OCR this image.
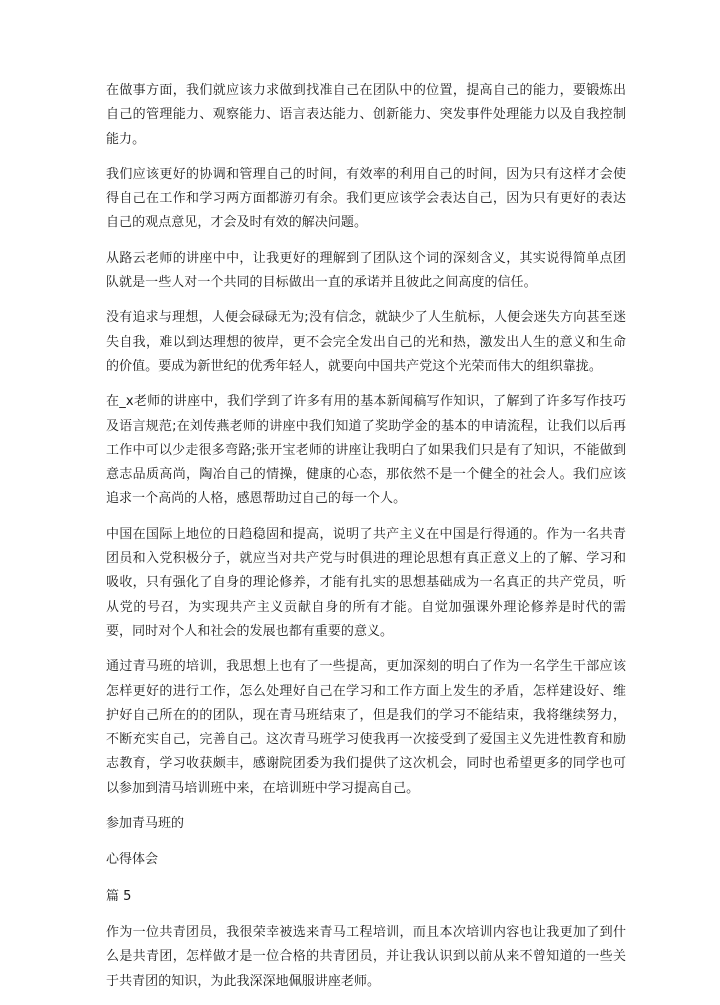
在做事方面，我们就应该力求做到找准自己在团队中的位置，提高自己的能力，要锻炼出自己的管理能力、观察能力、语言表达能力、创新能力、突发事件处理能力以及自我控制能力。

我们应该更好的协调和管理自己的时间，有效率的利用自己的时间，因为只有这样才会使得自己在工作和学习两方面都游刃有余。我们更应该学会表达自己，因为只有更好的表达自己的观点意见，才会及时有效的解决问题。

从路云老师的讲座中中，让我更好的理解到了团队这个词的深刻含义，其实说得简单点团队就是一些人对一个共同的目标做出一直的承诺并且彼此之间高度的信任。

没有追求与理想，人便会碌碌无为;没有信念，就缺少了人生航标，人便会迷失方向甚至迷失自我，难以到达理想的彼岸，更不会完全发出自己的光和热，激发出人生的意义和生命的价值。要成为新世纪的优秀年轻人，就要向中国共产党这个光荣而伟大的组织靠拢。

在_x老师的讲座中，我们学到了许多有用的基本新闻稿写作知识，了解到了许多写作技巧及语言规范;在刘传燕老师的讲座中我们知道了奖助学金的基本的申请流程，让我们以后再工作中可以少走很多弯路;张开宝老师的讲座让我明白了如果我们只是有了知识，不能做到意志品质高尚，陶冶自己的情操，健康的心态，那依然不是一个健全的社会人。我们应该追求一个高尚的人格，感恩帮助过自己的每一个人。

中国在国际上地位的日趋稳固和提高，说明了共产主义在中国是行得通的。作为一名共青团员和入党积极分子，就应当对共产党与时俱进的理论思想有真正意义上的了解、学习和吸收，只有强化了自身的理论修养，才能有扎实的思想基础成为一名真正的共产党员，听从党的号召，为实现共产主义贡献自身的所有才能。自觉加强课外理论修养是时代的需要，同时对个人和社会的发展也都有重要的意义。

通过青马班的培训，我思想上也有了一些提高，更加深刻的明白了作为一名学生干部应该怎样更好的进行工作，怎么处理好自己在学习和工作方面上发生的矛盾，怎样建设好、维护好自己所在的的团队，现在青马班结束了，但是我们的学习不能结束，我将继续努力，不断充实自己，完善自己。这次青马班学习使我再一次接受到了爱国主义先进性教育和励志教育，学习收获颇丰，感谢院团委为我们提供了这次机会，同时也希望更多的同学也可以参加到清马培训班中来，在培训班中学习提高自己。

参加青马班的

心得体会

篇 5

作为一位共青团员，我很荣幸被选来青马工程培训，而且本次培训内容也让我更加了到什么是共青团，怎样做才是一位合格的共青团员，并让我认识到以前从来不曾知道的一些关于共青团的知识，为此我深深地佩服讲座老师。
